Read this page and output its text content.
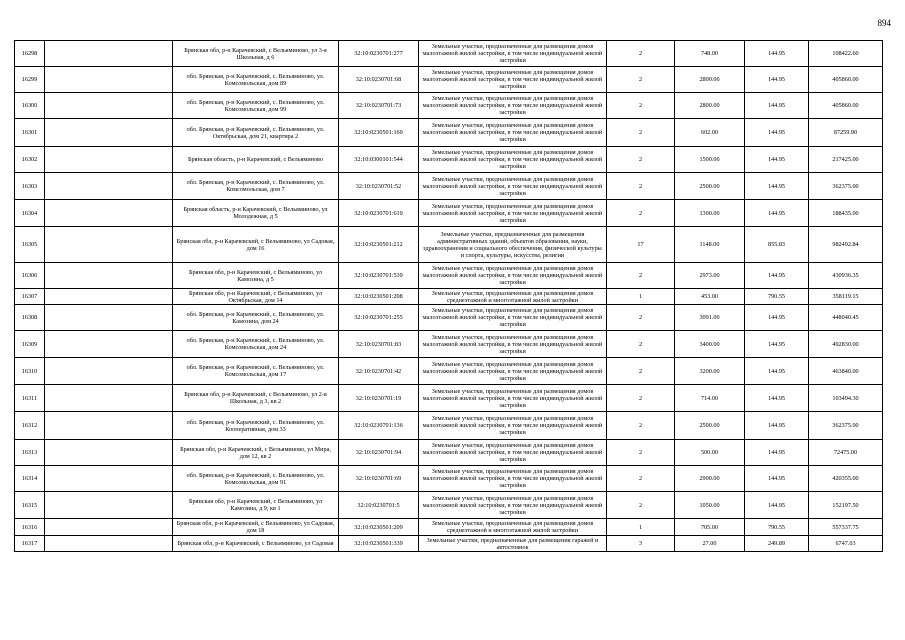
894
16298		Брянская обл, р-н Карачевский, с Вельяминово, ул 3-я Школьная, д 6	32:10:0230701:277	Земельные участки, предназначенные для размещения домов малоэтажной жилой застройки, в том числе индивидуальной жилой застройки	2	748.00	144.95	108422.60
16299		обл. Брянская, р-н Карачевский, с. Вельяминово, ул. Комсомольская, дом 89	32:10:0230701:68	Земельные участки, предназначенные для размещения домов малоэтажной жилой застройки, в том числе индивидуальной жилой застройки	2	2800.00	144.95	405860.00
16300		обл. Брянская, р-н Карачевский, с. Вельяминово, ул. Комсомольская, дом 99	32:10:0230701:73	Земельные участки, предназначенные для размещения домов малоэтажной жилой застройки, в том числе индивидуальной жилой застройки	2	2800.00	144.95	405860.00
16301		обл. Брянская, р-н Карачевский, с. Вельяминово, ул. Октябрьская, дом 21, квартира 2	32:10:0230501:169	Земельные участки, предназначенные для размещения домов малоэтажной жилой застройки, в том числе индивидуальной жилой застройки	2	602.00	144.95	87259.90
16302		Брянская область, р-н Карачевский, с Вельяминово	32:10:0300101:544	Земельные участки, предназначенные для размещения домов малоэтажной жилой застройки, в том числе индивидуальной жилой застройки	2	1500.00	144.95	217425.00
16303		обл. Брянская, р-н Карачевский, с. Вельяминово, ул. Комсомольская, дом 7	32:10:0230701:52	Земельные участки, предназначенные для размещения домов малоэтажной жилой застройки, в том числе индивидуальной жилой застройки	2	2500.00	144.95	362375.00
16304		Брянская область, р-н Карачевский, с Вельяминово, ул Молодежная, д 5	32:10:0230701:619	Земельные участки, предназначенные для размещения домов малоэтажной жилой застройки, в том числе индивидуальной жилой застройки	2	1300.00	144.95	188435.00
16305		Брянская обл, р-н Карачевский, с Вельяминово, ул Садовая, дом 16	32:10:0230501:212	Земельные участки, предназначенные для размещения административных зданий, объектов образования, науки, здравоохранения и социального обеспечения, физической культуры и спорта, культуры, искусства, религии	17	1148.00	855.83	982492.84
16306		Брянская обл, р-н Карачевский, с Вельяминово, ул Камозина, д 5	32:10:0230701:539	Земельные участки, предназначенные для размещения домов малоэтажной жилой застройки, в том числе индивидуальной жилой застройки	2	2973.00	144.95	430936.35
16307		Брянская обл, р-н Карачевский, с Вельяминово, ул Октябрьская, дом 14	32:10:0230501:208	Земельные участки, предназначенные для размещения домов среднеэтажной и многоэтажной жилой застройки	1	453.00	790.55	358119.15
16308		обл. Брянская, р-н Карачевский, с. Вельяминово, ул. Камозина, дом 24	32:10:0230701:255	Земельные участки, предназначенные для размещения домов малоэтажной жилой застройки, в том числе индивидуальной жилой застройки	2	3091.00	144.95	448040.45
16309		обл. Брянская, р-н Карачевский, с. Вельяминово, ул. Комсомольская, дом 24	32:10:0230701:83	Земельные участки, предназначенные для размещения домов малоэтажной жилой застройки, в том числе индивидуальной жилой застройки	2	3400.00	144.95	492830.00
16310		обл. Брянская, р-н Карачевский, с. Вельяминово, ул. Комсомольская, дом 17	32:10:0230701:42	Земельные участки, предназначенные для размещения домов малоэтажной жилой застройки, в том числе индивидуальной жилой застройки	2	3200.00	144.95	463840.00
16311		Брянская обл, р-н Карачевский, с Вельяминово, ул 2-я Школьная, д 3, кв 2	32:10:0230701:19	Земельные участки, предназначенные для размещения домов малоэтажной жилой застройки, в том числе индивидуальной жилой застройки	2	714.00	144.95	103494.30
16312		обл. Брянская, р-н Карачевский, с. Вельяминово, ул. Кооперативная, дом 33	32:10:0230701:136	Земельные участки, предназначенные для размещения домов малоэтажной жилой застройки, в том числе индивидуальной жилой застройки	2	2500.00	144.95	362375.00
16313		Брянская обл, р-н Карачевский, с Вельяминово, ул Мира, дом 12, кв 2	32:10:0230701:94	Земельные участки, предназначенные для размещения домов малоэтажной жилой застройки, в том числе индивидуальной жилой застройки	2	500.00	144.95	72475.00
16314		обл. Брянская, р-н Карачевский, с. Вельяминово, ул. Комсомольская, дом 91	32:10:0230701:69	Земельные участки, предназначенные для размещения домов малоэтажной жилой застройки, в том числе индивидуальной жилой застройки	2	2900.00	144.95	420355.00
16315		Брянская обл, р-н Карачевский, с Вельяминово, ул Камозина, д 9, кв 1	32:10:0230701:5	Земельные участки, предназначенные для размещения домов малоэтажной жилой застройки, в том числе индивидуальной жилой застройки	2	1050.00	144.95	152197.50
16316		Брянская обл, р-н Карачевский, с Вельяминово, ул Садовая, дом 18	32:10:0230501:209	Земельные участки, предназначенные для размещения домов среднеэтажной и многоэтажной жилой застройки	1	705.00	790.55	557337.75
16317		Брянская обл, р-н Карачевский, с Вельяминово, ул Садовая	32:10:0230501:339	Земельные участки, предназначенные для размещения гаражей и автостоянок	3	27.00	249.89	6747.03
